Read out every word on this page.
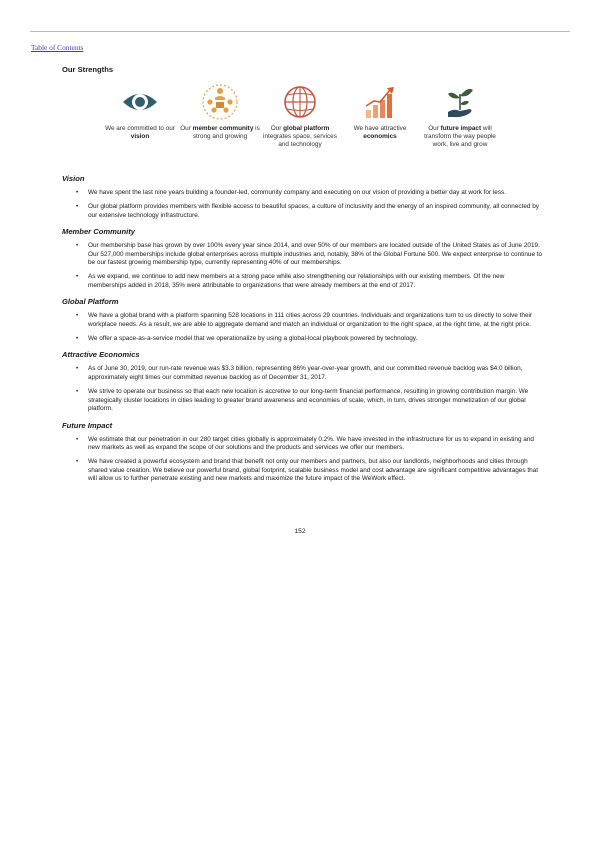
Table of Contents
Our Strengths
We are committed to our vision
Our member community is strong and growing
Our global platform integrates space, services and technology
We have attractive economics
Our future impact will transform the way people work, live and grow

Vision

• We have spent the last nine years building a founder-led, community company and executing on our vision of providing a better day at work for less.
• Our global platform provides members with flexible access to beautiful spaces, a culture of inclusivity and the energy of an inspired community, all connected by our extensive technology infrastructure.

Member Community

• Our membership base has grown by over 100% every year since 2014, and over 50% of our members are located outside of the United States as of June 2019. Our 527,000 memberships include global enterprises across multiple industries and, notably, 38% of the Global Fortune 500. We expect enterprise to continue to be our fastest growing membership type, currently representing 40% of our memberships.
• As we expand, we continue to add new members at a strong pace while also strengthening our relationships with our existing members. Of the new memberships added in 2018, 35% were attributable to organizations that were already members at the end of 2017.

Global Platform

• We have a global brand with a platform spanning 528 locations in 111 cities across 29 countries. Individuals and organizations turn to us directly to solve their workplace needs. As a result, we are able to aggregate demand and match an individual or organization to the right space, at the right time, at the right price.
• We offer a space-as-a-service model that we operationalize by using a global-local playbook powered by technology.

Attractive Economics

• As of June 30, 2019, our run-rate revenue was $3.3 billion, representing 86% year-over-year growth, and our committed revenue backlog was $4.0 billion, approximately eight times our committed revenue backlog as of December 31, 2017.
• We strive to operate our business so that each new location is accretive to our long-term financial performance, resulting in growing contribution margin. We strategically cluster locations in cities leading to greater brand awareness and economies of scale, which, in turn, drives stronger monetization of our global platform.

Future Impact

• We estimate that our penetration in our 280 target cities globally is approximately 0.2%. We have invested in the infrastructure for us to expand in existing and new markets as well as expand the scope of our solutions and the products and services we offer our members.
• We have created a powerful ecosystem and brand that benefit not only our members and partners, but also our landlords, neighborhoods and cities through shared value creation. We believe our powerful brand, global footprint, scalable business model and cost advantage are significant competitive advantages that will allow us to further penetrate existing and new markets and maximize the future impact of the WeWork effect.
152
